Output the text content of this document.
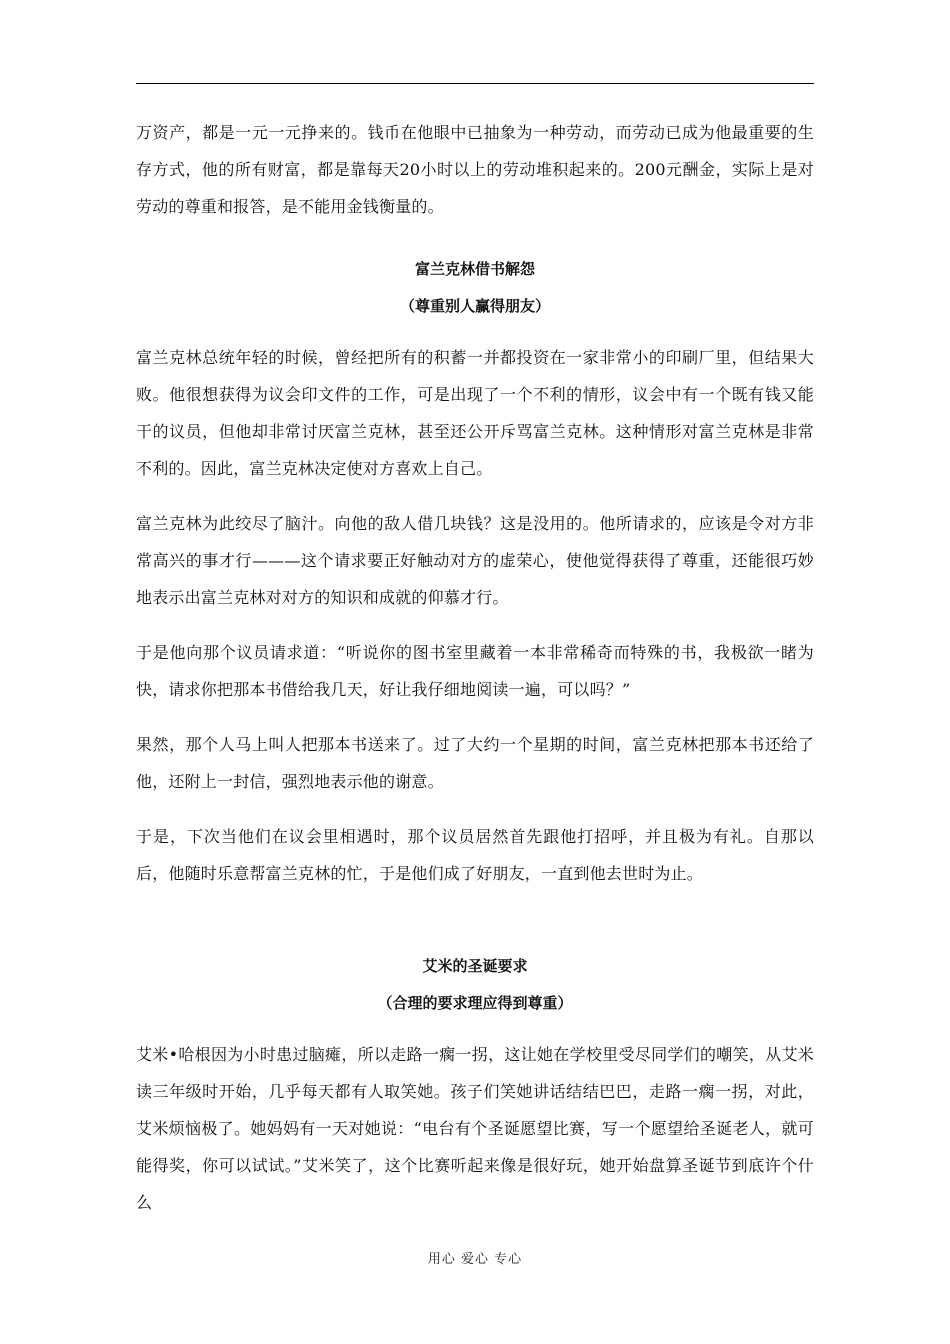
万资产，都是一元一元挣来的。钱币在他眼中已抽象为一种劳动，而劳动已成为他最重要的生存方式，他的所有财富，都是靠每天20小时以上的劳动堆积起来的。200元酬金，实际上是对劳动的尊重和报答，是不能用金钱衡量的。

富兰克林借书解怨

（尊重别人赢得朋友）

富兰克林总统年轻的时候，曾经把所有的积蓄一并都投资在一家非常小的印刷厂里，但结果大败。他很想获得为议会印文件的工作，可是出现了一个不利的情形，议会中有一个既有钱又能干的议员，但他却非常讨厌富兰克林，甚至还公开斥骂富兰克林。这种情形对富兰克林是非常不利的。因此，富兰克林决定使对方喜欢上自己。

富兰克林为此绞尽了脑汁。向他的敌人借几块钱？这是没用的。他所请求的，应该是令对方非常高兴的事才行———这个请求要正好触动对方的虚荣心，使他觉得获得了尊重，还能很巧妙地表示出富兰克林对对方的知识和成就的仰慕才行。

于是他向那个议员请求道：“听说你的图书室里藏着一本非常稀奇而特殊的书，我极欲一睹为快，请求你把那本书借给我几天，好让我仔细地阅读一遍，可以吗？”

果然，那个人马上叫人把那本书送来了。过了大约一个星期的时间，富兰克林把那本书还给了他，还附上一封信，强烈地表示他的谢意。

于是，下次当他们在议会里相遇时，那个议员居然首先跟他打招呼，并且极为有礼。自那以后，他随时乐意帮富兰克林的忙，于是他们成了好朋友，一直到他去世时为止。

艾米的圣诞要求

（合理的要求理应得到尊重）

艾米•哈根因为小时患过脑瘫，所以走路一瘸一拐，这让她在学校里受尽同学们的嘲笑，从艾米读三年级时开始，几乎每天都有人取笑她。孩子们笑她讲话结结巴巴，走路一瘸一拐，对此，艾米烦恼极了。她妈妈有一天对她说：“电台有个圣诞愿望比赛，写一个愿望给圣诞老人，就可能得奖，你可以试试。”艾米笑了，这个比赛听起来像是很好玩，她开始盘算圣诞节到底许个什么

用心 爱心 专心
